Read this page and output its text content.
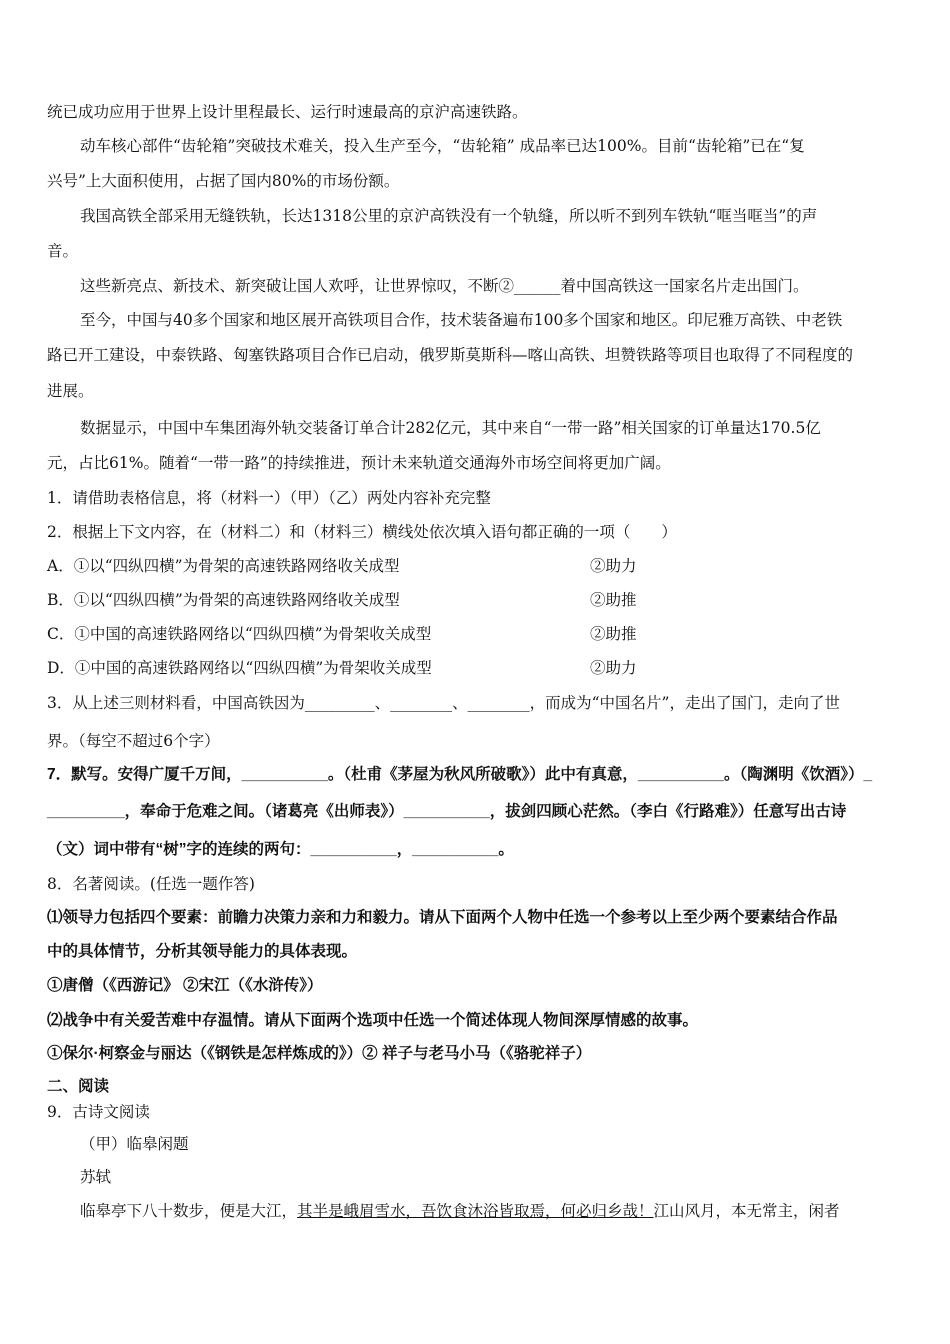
统已成功应用于世界上设计里程最长、运行时速最高的京沪高速铁路。
动车核心部件“齿轮箱”突破技术难关，投入生产至今，“齿轮箱” 成品率已达100%。目前“齿轮箱”已在“复
兴号”上大面积使用，占据了国内80%的市场份额。
我国高铁全部采用无缝铁轨，长达1318公里的京沪高铁没有一个轨缝，所以听不到列车铁轨“哐当哐当”的声
音。
这些新亮点、新技术、新突破让国人欢呼，让世界惊叹，不断②______着中国高铁这一国家名片走出国门。
至今，中国与40多个国家和地区展开高铁项目合作，技术装备遍布100多个国家和地区。印尼雅万高铁、中老铁
路已开工建设，中泰铁路、匈塞铁路项目合作已启动，俄罗斯莫斯科—喀山高铁、坦赞铁路等项目也取得了不同程度的
进展。
数据显示，中国中车集团海外轨交装备订单合计282亿元，其中来自“一带一路”相关国家的订单量达170.5亿
元，占比61%。随着“一带一路”的持续推进，预计未来轨道交通海外市场空间将更加广阔。
1．请借助表格信息，将（材料一）（甲）（乙）两处内容补充完整
2．根据上下文内容，在（材料二）和（材料三）横线处依次填入语句都正确的一项（　　）
A．①以“四纵四横”为骨架的高速铁路网络收关成型	②助力
B．①以“四纵四横”为骨架的高速铁路网络收关成型	②助推
C．①中国的高速铁路网络以“四纵四横”为骨架收关成型	②助推
D．①中国的高速铁路网络以“四纵四横”为骨架收关成型	②助力
3．从上述三则材料看，中国高铁因为_________、________、________，而成为“中国名片”，走出了国门，走向了世
界。（每空不超过6个字）
7．默写。安得广厦千万间，__________。（杜甫《茅屋为秋风所破歌》）此中有真意，__________。（陶渊明《饮酒》）_
_________，奉命于危难之间。（诸葛亮《出师表》）__________，拔剑四顾心茫然。（李白《行路难》）任意写出古诗
（文）词中带有“树”字的连续的两句：__________，__________。
8．名著阅读。(任选一题作答)
⑴领导力包括四个要素：前瞻力决策力亲和力和毅力。请从下面两个人物中任选一个参考以上至少两个要素结合作品
中的具体情节，分析其领导能力的具体表现。
①唐僧（《西游记》 ②宋江（《水浒传》）
⑵战争中有关爱苦难中存温情。请从下面两个选项中任选一个简述体现人物间深厚情感的故事。
①保尔·柯察金与丽达（《钢铁是怎样炼成的》）② 祥子与老马小马（《骆驼祥子）
二、阅读
9．古诗文阅读
（甲）临皋闲题
苏轼
临皋亭下八十数步，便是大江，其半是峨眉雪水，吾饮食沐浴皆取焉，何必归乡哉！江山风月，本无常主，闲者
